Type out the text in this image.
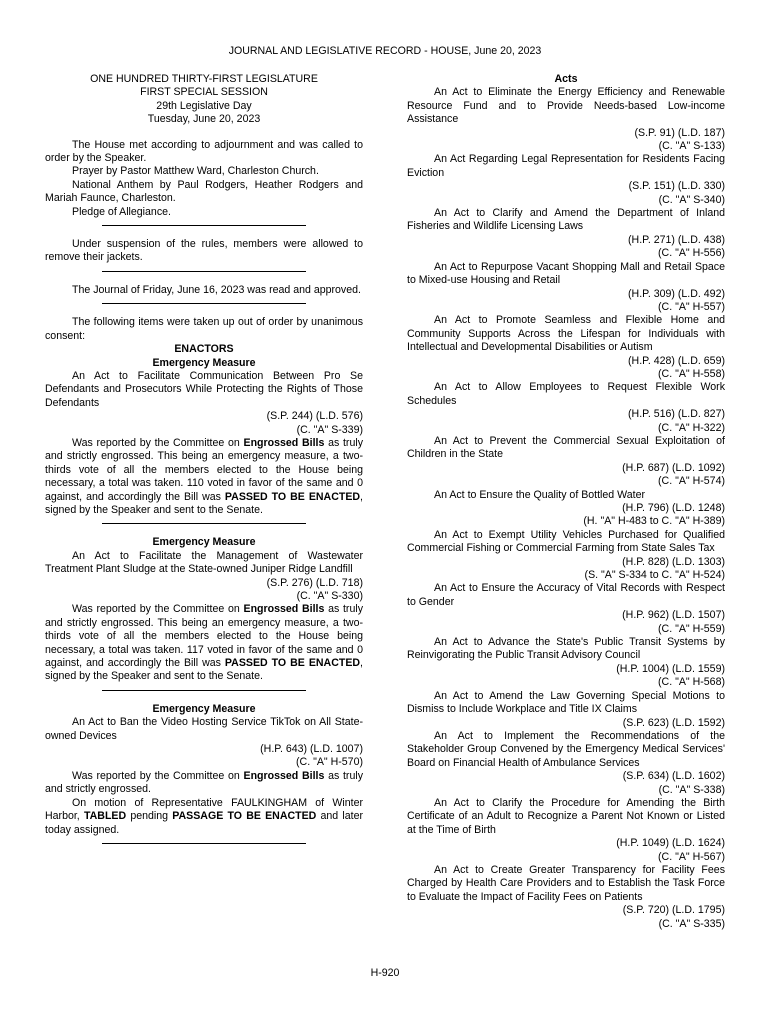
JOURNAL AND LEGISLATIVE RECORD - HOUSE, June 20, 2023
ONE HUNDRED THIRTY-FIRST LEGISLATURE
FIRST SPECIAL SESSION
29th Legislative Day
Tuesday, June 20, 2023

The House met according to adjournment and was called to order by the Speaker.

Prayer by Pastor Matthew Ward, Charleston Church.

National Anthem by Paul Rodgers, Heather Rodgers and Mariah Faunce, Charleston.

Pledge of Allegiance.

Under suspension of the rules, members were allowed to remove their jackets.

The Journal of Friday, June 16, 2023 was read and approved.

The following items were taken up out of order by unanimous consent:

ENACTORS
Emergency Measure

An Act to Facilitate Communication Between Pro Se Defendants and Prosecutors While Protecting the Rights of Those Defendants

(S.P. 244) (L.D. 576)

(C. "A" S-339)

Was reported by the Committee on Engrossed Bills as truly and strictly engrossed. This being an emergency measure, a two-thirds vote of all the members elected to the House being necessary, a total was taken. 110 voted in favor of the same and 0 against, and accordingly the Bill was PASSED TO BE ENACTED, signed by the Speaker and sent to the Senate.

Emergency Measure

An Act to Facilitate the Management of Wastewater Treatment Plant Sludge at the State-owned Juniper Ridge Landfill

(S.P. 276) (L.D. 718)

(C. "A" S-330)

Was reported by the Committee on Engrossed Bills as truly and strictly engrossed. This being an emergency measure, a two-thirds vote of all the members elected to the House being necessary, a total was taken. 117 voted in favor of the same and 0 against, and accordingly the Bill was PASSED TO BE ENACTED, signed by the Speaker and sent to the Senate.

Emergency Measure

An Act to Ban the Video Hosting Service TikTok on All State-owned Devices

(H.P. 643) (L.D. 1007)

(C. "A" H-570)

Was reported by the Committee on Engrossed Bills as truly and strictly engrossed.

On motion of Representative FAULKINGHAM of Winter Harbor, TABLED pending PASSAGE TO BE ENACTED and later today assigned.

Acts

An Act to Eliminate the Energy Efficiency and Renewable Resource Fund and to Provide Needs-based Low-income Assistance

(S.P. 91) (L.D. 187)

(C. "A" S-133)

An Act Regarding Legal Representation for Residents Facing Eviction

(S.P. 151) (L.D. 330)

(C. "A" S-340)

An Act to Clarify and Amend the Department of Inland Fisheries and Wildlife Licensing Laws

(H.P. 271) (L.D. 438)

(C. "A" H-556)

An Act to Repurpose Vacant Shopping Mall and Retail Space to Mixed-use Housing and Retail

(H.P. 309) (L.D. 492)

(C. "A" H-557)

An Act to Promote Seamless and Flexible Home and Community Supports Across the Lifespan for Individuals with Intellectual and Developmental Disabilities or Autism

(H.P. 428) (L.D. 659)

(C. "A" H-558)

An Act to Allow Employees to Request Flexible Work Schedules

(H.P. 516) (L.D. 827)

(C. "A" H-322)

An Act to Prevent the Commercial Sexual Exploitation of Children in the State

(H.P. 687) (L.D. 1092)

(C. "A" H-574)

An Act to Ensure the Quality of Bottled Water

(H.P. 796) (L.D. 1248)

(H. "A" H-483 to C. "A" H-389)

An Act to Exempt Utility Vehicles Purchased for Qualified Commercial Fishing or Commercial Farming from State Sales Tax

(H.P. 828) (L.D. 1303)

(S. "A" S-334 to C. "A" H-524)

An Act to Ensure the Accuracy of Vital Records with Respect to Gender

(H.P. 962) (L.D. 1507)

(C. "A" H-559)

An Act to Advance the State's Public Transit Systems by Reinvigorating the Public Transit Advisory Council

(H.P. 1004) (L.D. 1559)

(C. "A" H-568)

An Act to Amend the Law Governing Special Motions to Dismiss to Include Workplace and Title IX Claims

(S.P. 623) (L.D. 1592)

An Act to Implement the Recommendations of the Stakeholder Group Convened by the Emergency Medical Services' Board on Financial Health of Ambulance Services

(S.P. 634) (L.D. 1602)

(C. "A" S-338)

An Act to Clarify the Procedure for Amending the Birth Certificate of an Adult to Recognize a Parent Not Known or Listed at the Time of Birth

(H.P. 1049) (L.D. 1624)

(C. "A" H-567)

An Act to Create Greater Transparency for Facility Fees Charged by Health Care Providers and to Establish the Task Force to Evaluate the Impact of Facility Fees on Patients

(S.P. 720) (L.D. 1795)

(C. "A" S-335)

H-920
